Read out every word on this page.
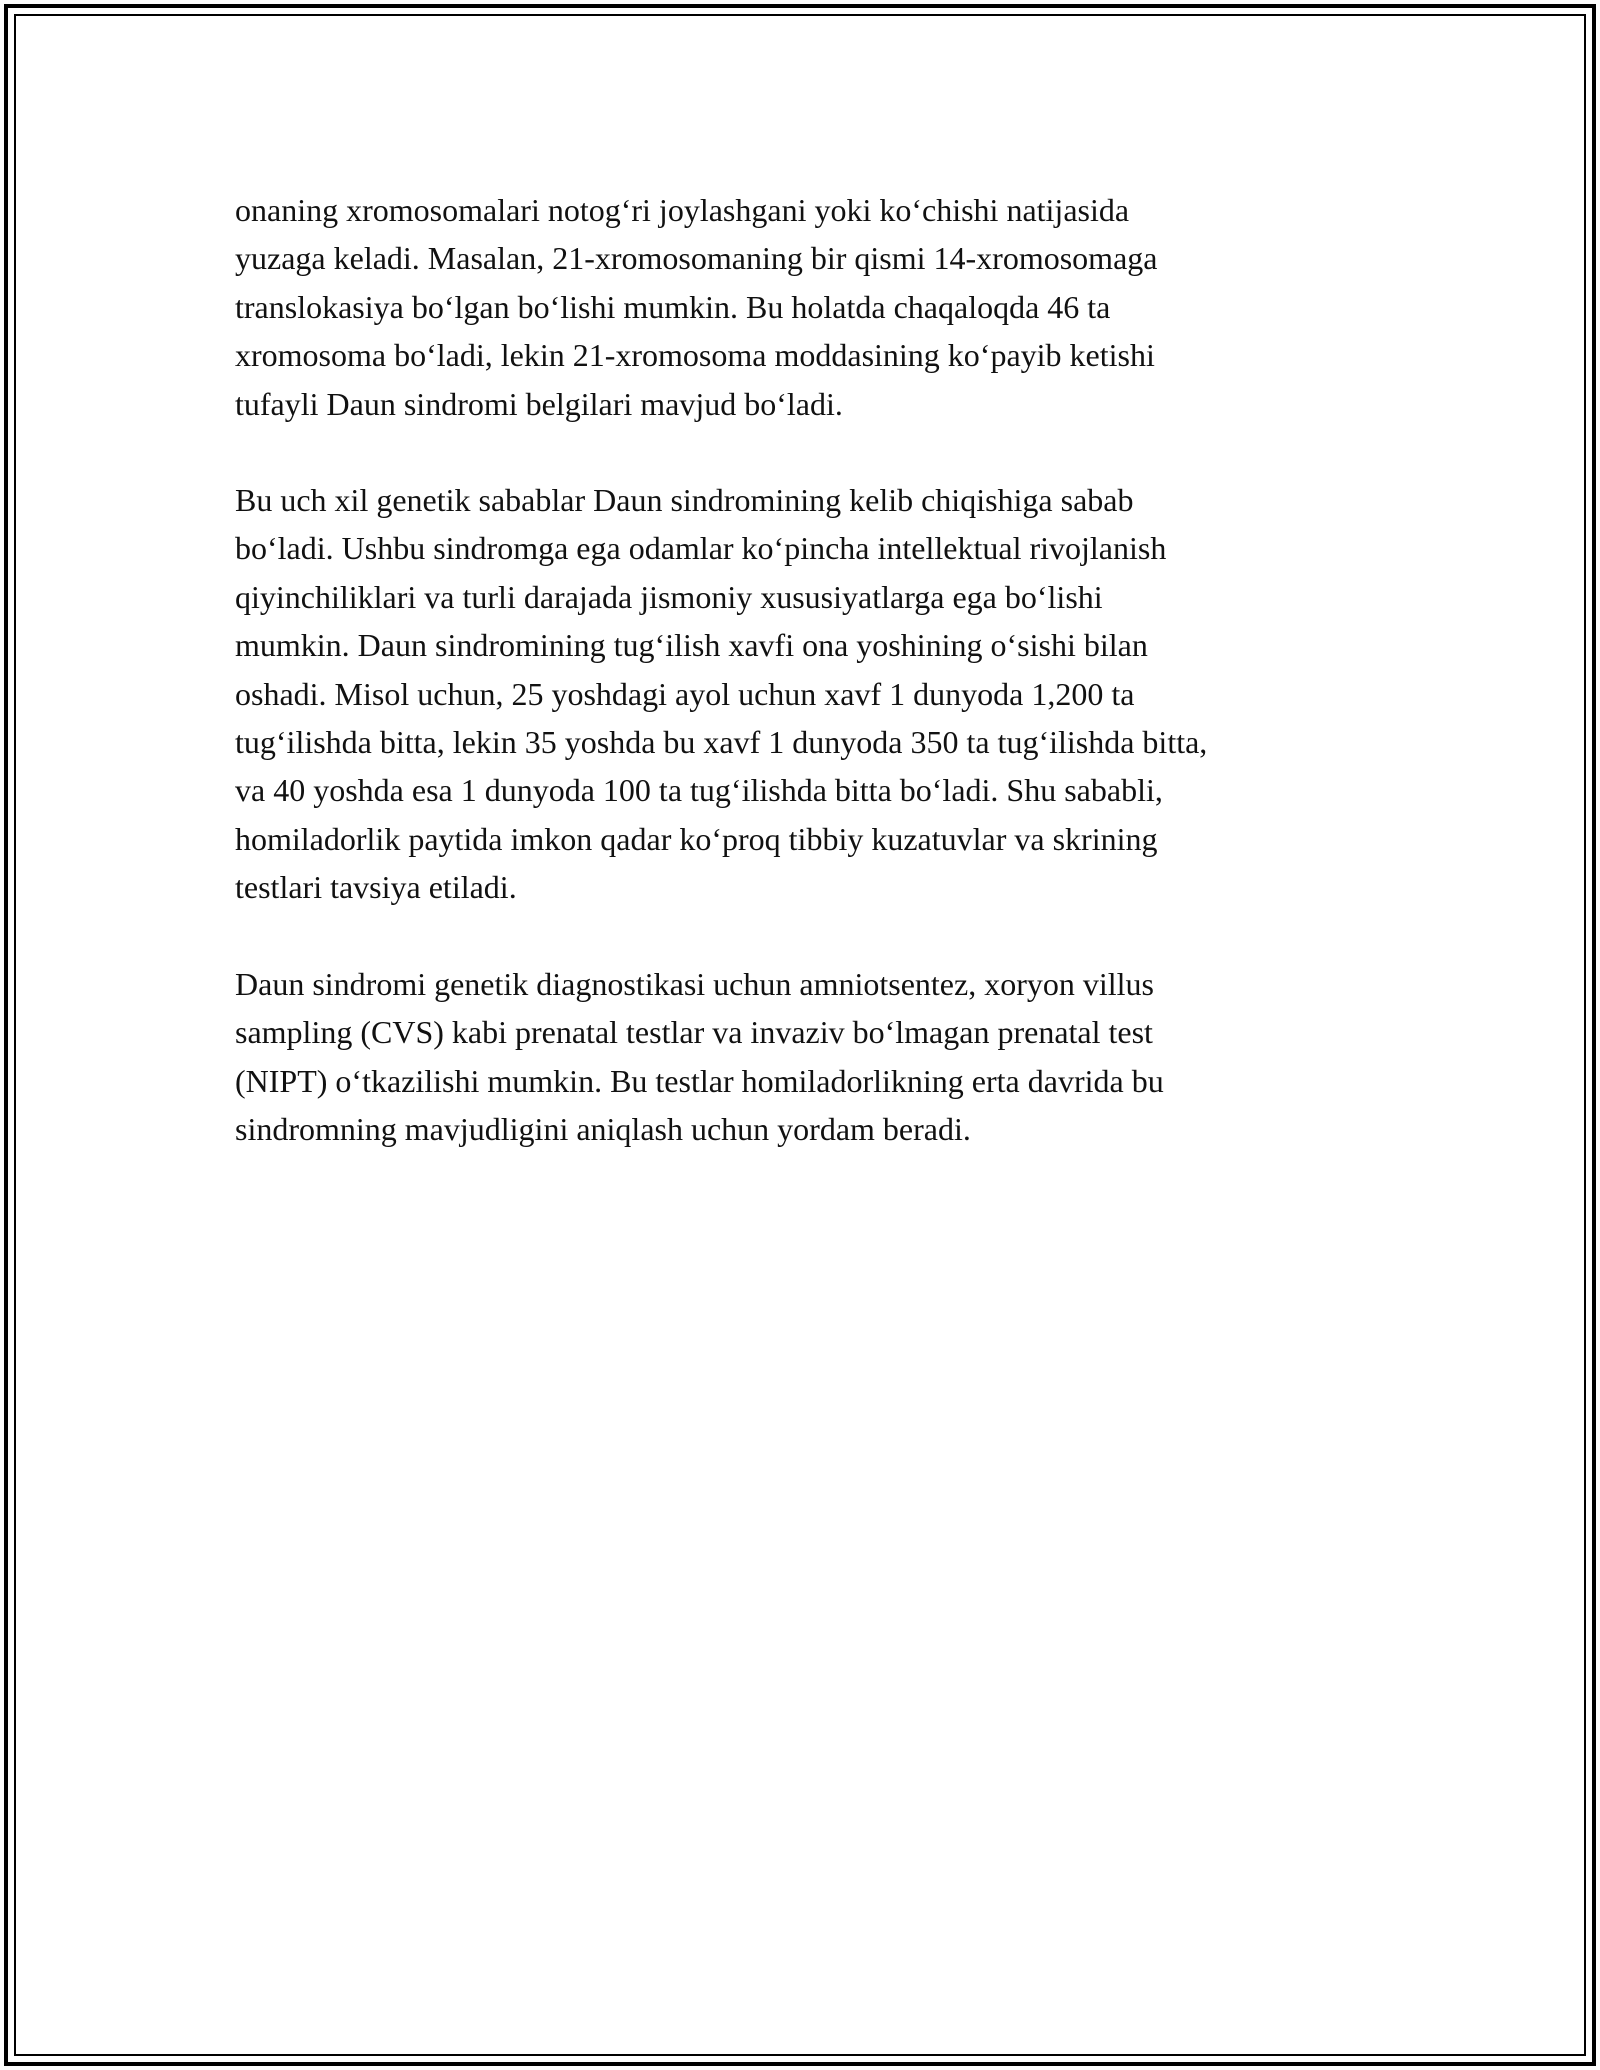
onaning xromosomalari notog‘ri joylashgani yoki ko‘chishi natijasida
yuzaga keladi. Masalan, 21-xromosomaning bir qismi 14-xromosomaga
translokasiya bo‘lgan bo‘lishi mumkin. Bu holatda chaqaloqda 46 ta
xromosoma bo‘ladi, lekin 21-xromosoma moddasining ko‘payib ketishi
tufayli Daun sindromi belgilari mavjud bo‘ladi.

Bu uch xil genetik sabablar Daun sindromining kelib chiqishiga sabab
bo‘ladi. Ushbu sindromga ega odamlar ko‘pincha intellektual rivojlanish
qiyinchiliklari va turli darajada jismoniy xususiyatlarga ega bo‘lishi
mumkin. Daun sindromining tug‘ilish xavfi ona yoshining o‘sishi bilan
oshadi. Misol uchun, 25 yoshdagi ayol uchun xavf 1 dunyoda 1,200 ta
tug‘ilishda bitta, lekin 35 yoshda bu xavf 1 dunyoda 350 ta tug‘ilishda bitta,
va 40 yoshda esa 1 dunyoda 100 ta tug‘ilishda bitta bo‘ladi. Shu sababli,
homiladorlik paytida imkon qadar ko‘proq tibbiy kuzatuvlar va skrining
testlari tavsiya etiladi.

Daun sindromi genetik diagnostikasi uchun amniotsentez, xoryon villus
sampling (CVS) kabi prenatal testlar va invaziv bo‘lmagan prenatal test
(NIPT) o‘tkazilishi mumkin. Bu testlar homiladorlikning erta davrida bu
sindromning mavjudligini aniqlash uchun yordam beradi.
